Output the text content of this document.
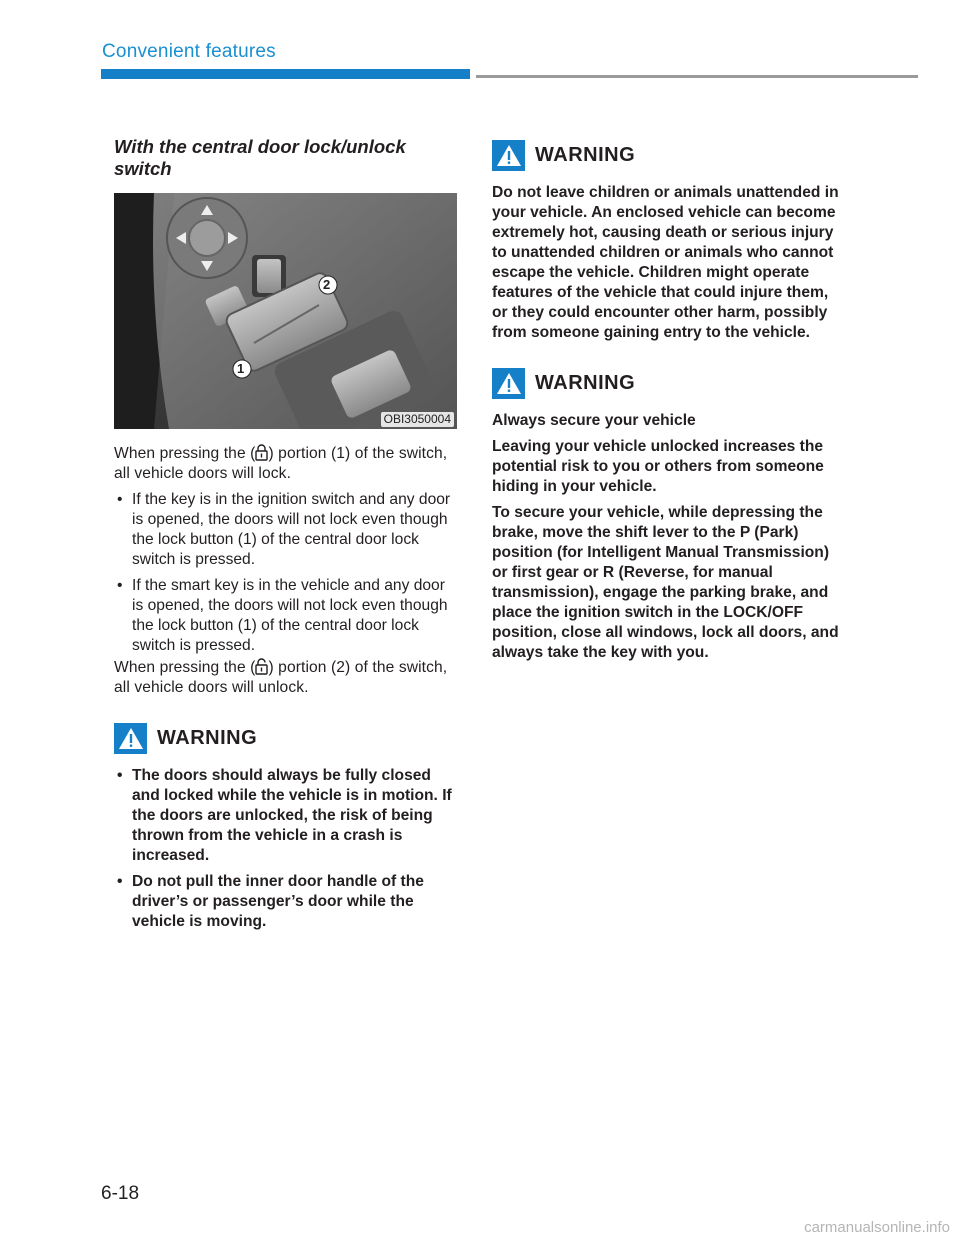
Convenient features
With the central door lock/unlock switch
1
2
OBI3050004

When pressing the ( ) portion (1) of the switch, all vehicle doors will lock.

• If the key is in the ignition switch and any door is opened, the doors will not lock even though the lock button (1) of the central door lock switch is pressed.
• If the smart key is in the vehicle and any door is opened, the doors will not lock even though the lock button (1) of the central door lock switch is pressed.

When pressing the ( ) portion (2) of the switch, all vehicle doors will unlock.

WARNING
• The doors should always be fully closed and locked while the vehicle is in motion. If the doors are unlocked, the risk of being thrown from the vehicle in a crash is increased.
• Do not pull the inner door handle of the driver’s or passenger’s door while the vehicle is moving.
WARNING

Do not leave children or animals unattended in your vehicle. An enclosed vehicle can become extremely hot, causing death or serious injury to unattended children or animals who cannot escape the vehicle. Children might operate features of the vehicle that could injure them, or they could encounter other harm, possibly from someone gaining entry to the vehicle.

WARNING

Always secure your vehicle

Leaving your vehicle unlocked increases the potential risk to you or others from someone hiding in your vehicle.

To secure your vehicle, while depressing the brake, move the shift lever to the P (Park) position (for Intelligent Manual Transmission) or first gear or R (Reverse, for manual transmission), engage the parking brake, and place the ignition switch in the LOCK/OFF position, close all windows, lock all doors, and always take the key with you.

6-18
carmanualsonline.info
